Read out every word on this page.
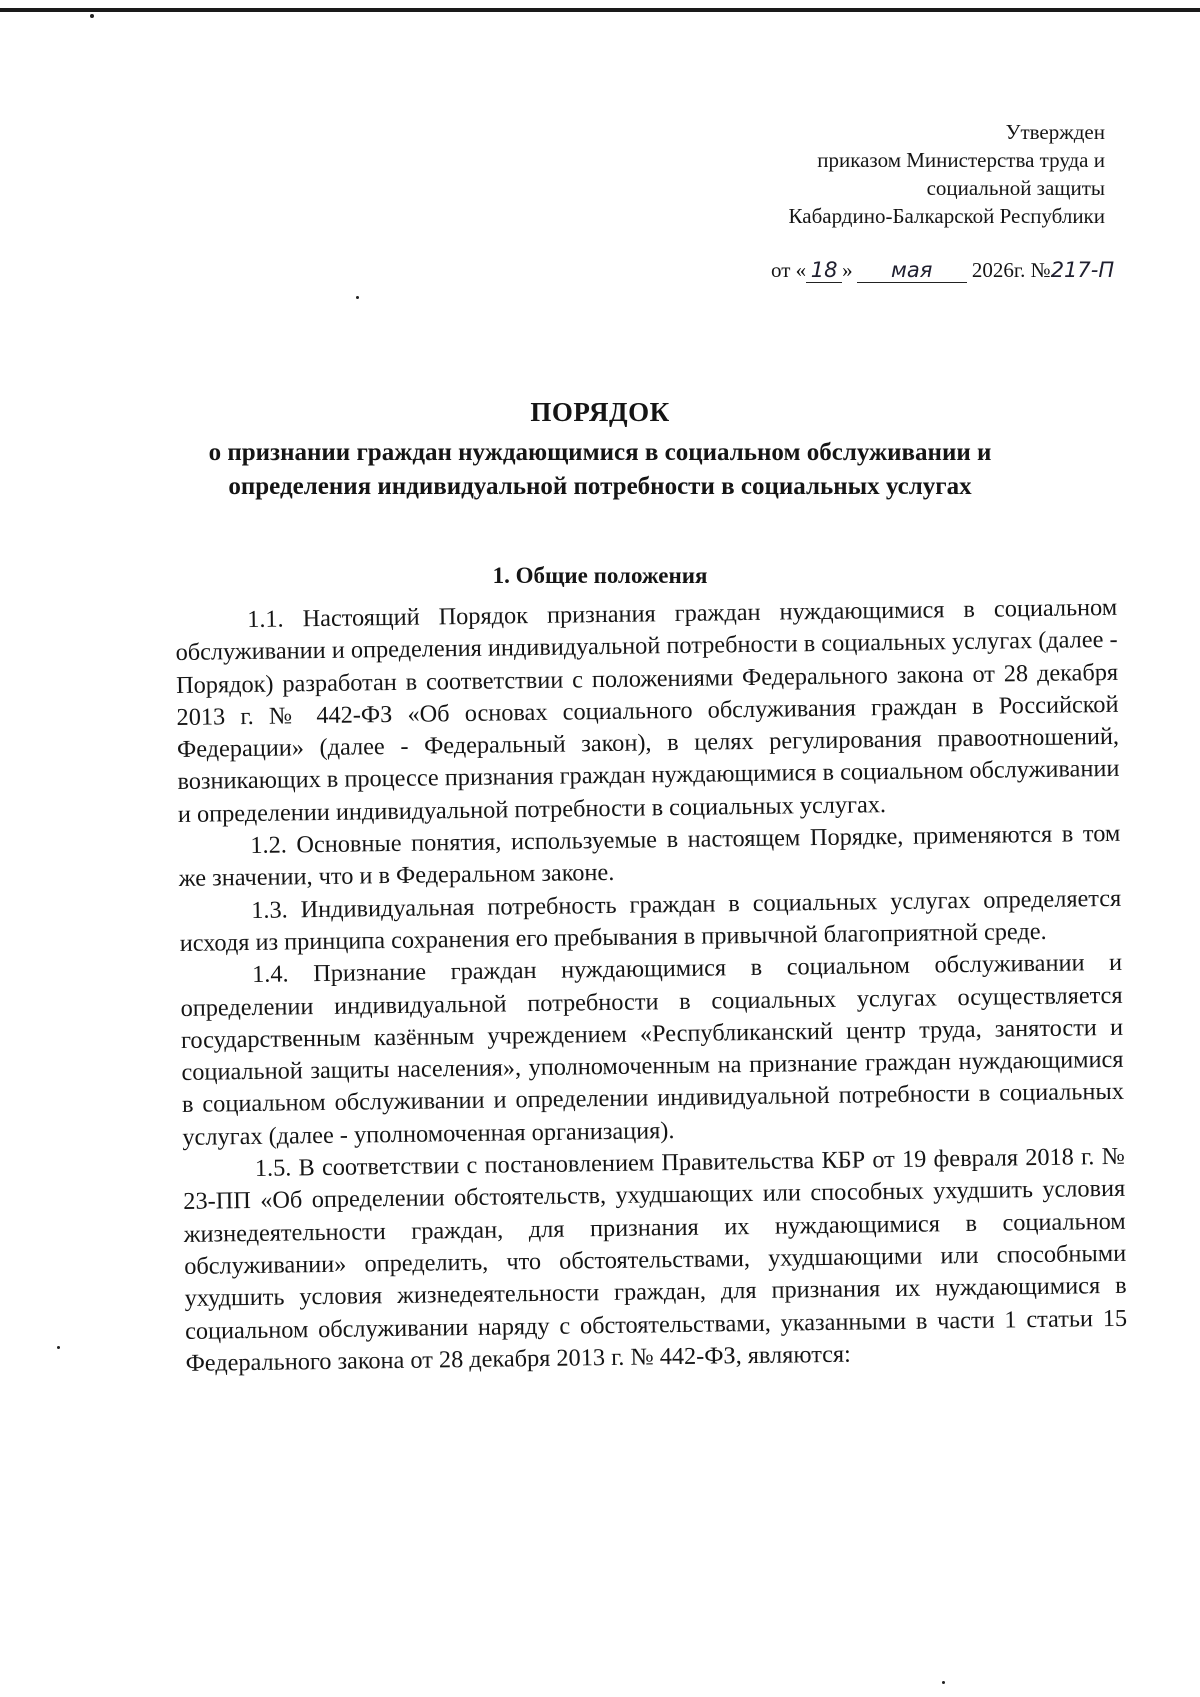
Утвержден
приказом Министерства труда и
социальной защиты
Кабардино-Балкарской Республики
от « 18 » мая 2026г. №217-П
ПОРЯДОК
о признании граждан нуждающимися в социальном обслуживании и определения индивидуальной потребности в социальных услугах
1. Общие положения

1.1. Настоящий Порядок признания граждан нуждающимися в социальном обслуживании и определения индивидуальной потребности в социальных услугах (далее - Порядок) разработан в соответствии с положениями Федерального закона от 28 декабря 2013 г. № 442-ФЗ «Об основах социального обслуживания граждан в Российской Федерации» (далее - Федеральный закон), в целях регулирования правоотношений, возникающих в процессе признания граждан нуждающимися в социальном обслуживании и определении индивидуальной потребности в социальных услугах.

1.2. Основные понятия, используемые в настоящем Порядке, применяются в том же значении, что и в Федеральном законе.

1.3. Индивидуальная потребность граждан в социальных услугах определяется исходя из принципа сохранения его пребывания в привычной благоприятной среде.

1.4. Признание граждан нуждающимися в социальном обслуживании и определении индивидуальной потребности в социальных услугах осуществляется государственным казённым учреждением «Республиканский центр труда, занятости и социальной защиты населения», уполномоченным на признание граждан нуждающимися в социальном обслуживании и определении индивидуальной потребности в социальных услугах (далее - уполномоченная организация).

1.5. В соответствии с постановлением Правительства КБР от 19 февраля 2018 г. № 23-ПП «Об определении обстоятельств, ухудшающих или способных ухудшить условия жизнедеятельности граждан, для признания их нуждающимися в социальном обслуживании» определить, что обстоятельствами, ухудшающими или способными ухудшить условия жизнедеятельности граждан, для признания их нуждающимися в социальном обслуживании наряду с обстоятельствами, указанными в части 1 статьи 15 Федерального закона от 28 декабря 2013 г. № 442-ФЗ, являются:
